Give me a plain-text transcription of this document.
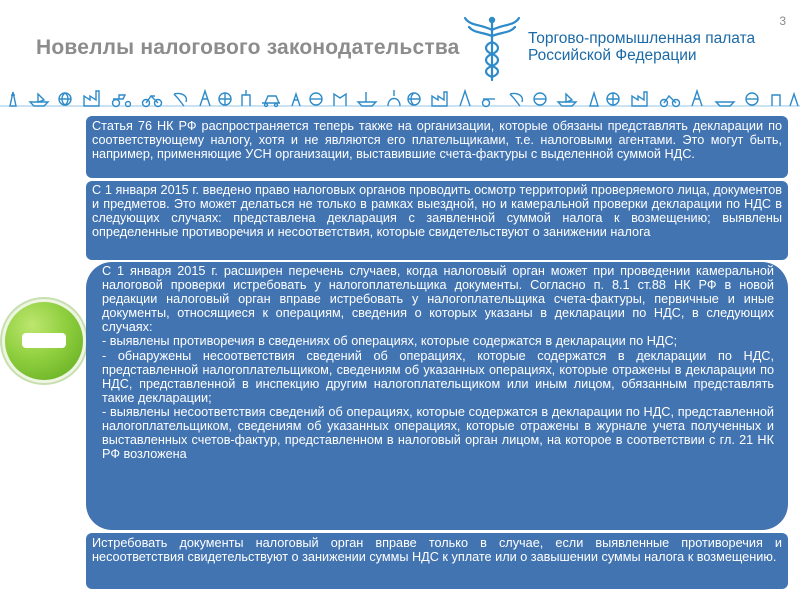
3
Новеллы налогового законодательства	Торгово-промышленная палата
Российской Федерации

Статья 76 НК РФ распространяется теперь также на организации, которые обязаны представлять декларации по соответствующему налогу, хотя и не являются его плательщиками, т.е. налоговыми агентами. Это могут быть, например, применяющие УСН организации, выставившие счета-фактуры с выделенной суммой НДС.

С 1 января 2015 г. введено право налоговых органов проводить осмотр территорий проверяемого лица, документов и предметов. Это может делаться не только в рамках выездной, но и камеральной проверки декларации по НДС в следующих случаях: представлена декларация с заявленной суммой налога к возмещению; выявлены определенные противоречия и несоответствия, которые свидетельствуют о занижении налога

С 1 января 2015 г. расширен перечень случаев, когда налоговый орган может при проведении камеральной налоговой проверки истребовать у налогоплательщика документы. Согласно п. 8.1 ст.88 НК РФ в новой редакции налоговый орган вправе истребовать у налогоплательщика счета-фактуры, первичные и иные документы, относящиеся к операциям, сведения о которых указаны в декларации по НДС, в следующих случаях:
- выявлены противоречия в сведениях об операциях, которые содержатся в декларации по НДС;
- обнаружены несоответствия сведений об операциях, которые содержатся в декларации по НДС, представленной налогоплательщиком, сведениям об указанных операциях, которые отражены в декларации по НДС, представленной в инспекцию другим налогоплательщиком или иным лицом, обязанным представлять такие декларации;
- выявлены несоответствия сведений об операциях, которые содержатся в декларации по НДС, представленной налогоплательщиком, сведениям об указанных операциях, которые отражены в журнале учета полученных и выставленных счетов-фактур, представленном в налоговый орган лицом, на которое в соответствии с гл. 21 НК РФ возложена

Истребовать документы налоговый орган вправе только в случае, если выявленные противоречия и несоответствия свидетельствуют о занижении суммы НДС к уплате или о завышении суммы налога к возмещению.
